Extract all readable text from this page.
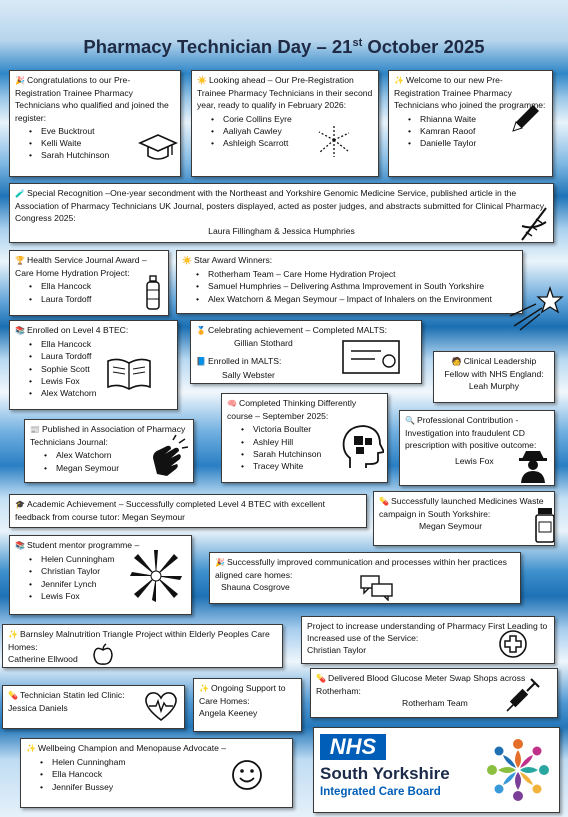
Pharmacy Technician Day – 21st October 2025

🎉 Congratulations to our Pre-Registration Trainee Pharmacy Technicians who qualified and joined the register:

• Eve Bucktrout
• Kelli Waite
• Sarah Hutchinson

☀️ Looking ahead – Our Pre-Registration Trainee Pharmacy Technicians in their second year, ready to qualify in February 2026:

• Corie Collins Eyre
• Aaliyah Cawley
• Ashleigh Scarrott

✨ Welcome to our new Pre-Registration Trainee Pharmacy Technicians who joined the programme:

• Rhianna Waite
• Kamran Raoof
• Danielle Taylor

🧪 Special Recognition –One-year secondment with the Northeast and Yorkshire Genomic Medicine Service, published article in the Association of Pharmacy Technicians UK Journal, posters displayed, acted as poster judges, and abstracts submitted for Clinical Pharmacy Congress 2025:

Laura Fillingham & Jessica Humphries

🏆 Health Service Journal Award – Care Home Hydration Project:

• Ella Hancock
• Laura Tordoff

☀️ Star Award Winners:

• Rotherham Team – Care Home Hydration Project
• Samuel Humphries – Delivering Asthma Improvement in South Yorkshire
• Alex Watchorn & Megan Seymour – Impact of Inhalers on the Environment

📚 Enrolled on Level 4 BTEC:

• Ella Hancock
• Laura Tordoff
• Sophie Scott
• Lewis Fox
• Alex Watchorn

🏅 Celebrating achievement – Completed MALTS:

Gillian Stothard

📘 Enrolled in MALTS:

Sally Webster

🧑 Clinical Leadership Fellow with NHS England:

Leah Murphy

🧠 Completed Thinking Differently course – September 2025:

• Victoria Boulter
• Ashley Hill
• Sarah Hutchinson
• Tracey White

📰 Published in Association of Pharmacy Technicians Journal:

• Alex Watchorn
• Megan Seymour

🔍 Professional Contribution - Investigation into fraudulent CD prescription with positive outcome:

Lewis Fox

🎓 Academic Achievement – Successfully completed Level 4 BTEC with excellent feedback from course tutor: Megan Seymour

💊 Successfully launched Medicines Waste campaign in South Yorkshire:

Megan Seymour

📚 Student mentor programme –

• Helen Cunningham
• Christian Taylor
• Jennifer Lynch
• Lewis Fox

🎉 Successfully improved communication and processes within her practices aligned care homes:

Shauna Cosgrove

✨ Barnsley Malnutrition Triangle Project within Elderly Peoples Care Homes:

Catherine Ellwood

Project to increase understanding of Pharmacy First Leading to Increased use of the Service:

Christian Taylor

💊 Technician Statin led Clinic:

Jessica Daniels

✨ Ongoing Support to Care Homes:

Angela Keeney

💊 Delivered Blood Glucose Meter Swap Shops across Rotherham:

Rotherham Team

✨ Wellbeing Champion and Menopause Advocate –

• Helen Cunningham
• Ella Hancock
• Jennifer Bussey
NHS
South Yorkshire
Integrated Care Board
